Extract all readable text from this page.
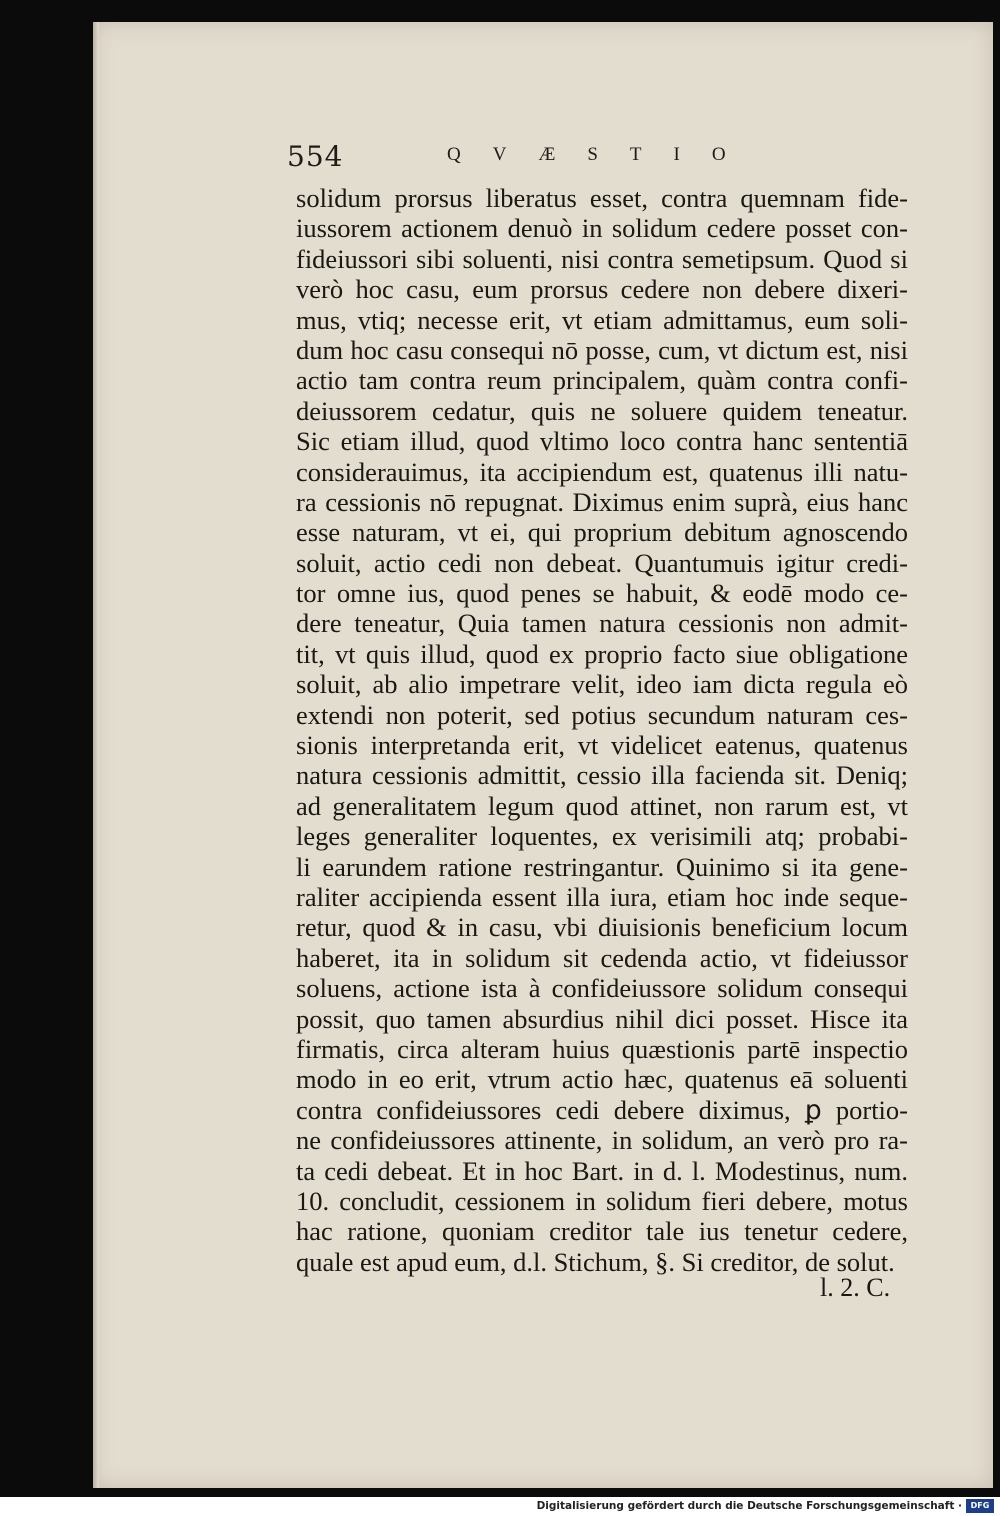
554	QVÆSTIO
solidum prorsus liberatus esset, contra quemnam fide-
iussorem actionem denuò in solidum cedere posset con-
fideiussori sibi soluenti, nisi contra semetipsum. Quod si
verò hoc casu, eum prorsus cedere non debere dixeri-
mus, vtiq; necesse erit, vt etiam admittamus, eum soli-
dum hoc casu consequi nō posse, cum, vt dictum est, nisi
actio tam contra reum principalem, quàm contra confi-
deiussorem cedatur, quis ne soluere quidem teneatur.
Sic etiam illud, quod vltimo loco contra hanc sententiā
considerauimus, ita accipiendum est, quatenus illi natu-
ra cessionis nō repugnat. Diximus enim suprà, eius hanc
esse naturam, vt ei, qui proprium debitum agnoscendo
soluit, actio cedi non debeat. Quantumuis igitur credi-
tor omne ius, quod penes se habuit, & eodē modo ce-
dere teneatur, Quia tamen natura cessionis non admit-
tit, vt quis illud, quod ex proprio facto siue obligatione
soluit, ab alio impetrare velit, ideo iam dicta regula eò
extendi non poterit, sed potius secundum naturam ces-
sionis interpretanda erit, vt videlicet eatenus, quatenus
natura cessionis admittit, cessio illa facienda sit. Deniq;
ad generalitatem legum quod attinet, non rarum est, vt
leges generaliter loquentes, ex verisimili atq; probabi-
li earundem ratione restringantur. Quinimo si ita gene-
raliter accipienda essent illa iura, etiam hoc inde seque-
retur, quod & in casu, vbi diuisionis beneficium locum
haberet, ita in solidum sit cedenda actio, vt fideiussor
soluens, actione ista à confideiussore solidum consequi
possit, quo tamen absurdius nihil dici posset. Hisce ita
firmatis, circa alteram huius quæstionis partē inspectio
modo in eo erit, vtrum actio hæc, quatenus eā soluenti
contra confideiussores cedi debere diximus, ꝑ portio-
ne confideiussores attinente, in solidum, an verò pro ra-
ta cedi debeat. Et in hoc Bart. in d. l. Modestinus, num.
10. concludit, cessionem in solidum fieri debere, motus
hac ratione, quoniam creditor tale ius tenetur cedere,
quale est apud eum, d.l. Stichum, §. Si creditor, de solut.
l. 2. C.
Digitalisierung gefördert durch die Deutsche Forschungsgemeinschaft ·	DFG
